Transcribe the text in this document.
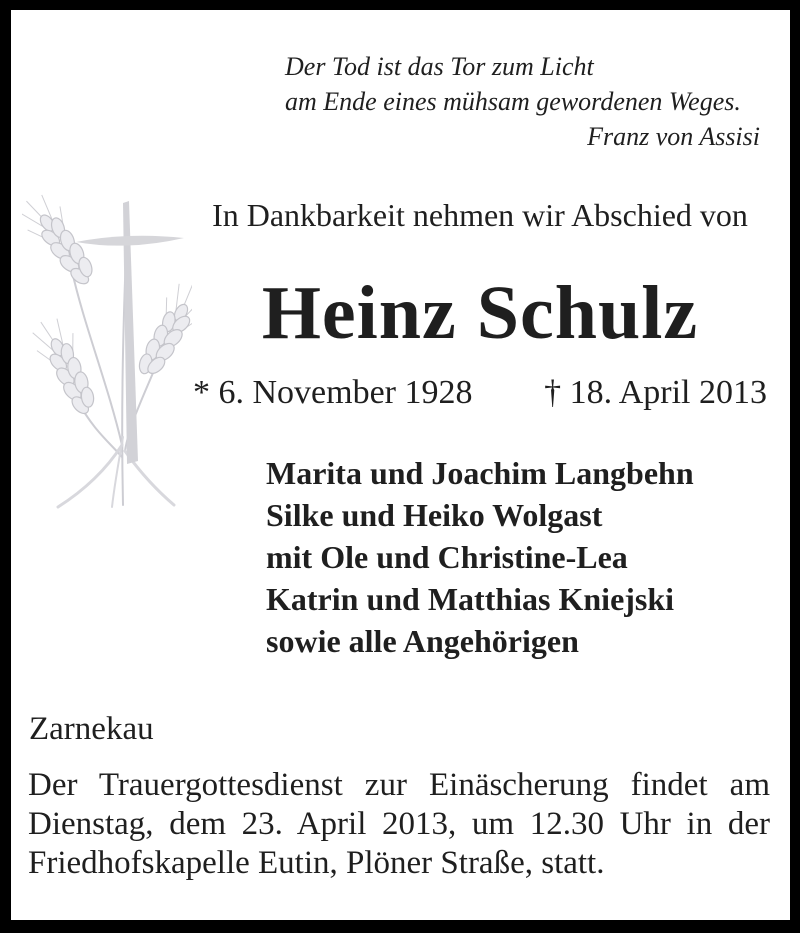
Der Tod ist das Tor zum Licht
am Ende eines mühsam gewordenen Weges.
Franz von Assisi
In Dankbarkeit nehmen wir Abschied von
Heinz Schulz
* 6. November 1928 † 18. April 2013
Marita und Joachim Langbehn
Silke und Heiko Wolgast
mit Ole und Christine-Lea
Katrin und Matthias Kniejski
sowie alle Angehörigen
Zarnekau
Der Trauergottesdienst zur Einäscherung findet am
Dienstag, dem 23. April 2013, um 12.30 Uhr in der
Friedhofskapelle Eutin, Plöner Straße, statt.
